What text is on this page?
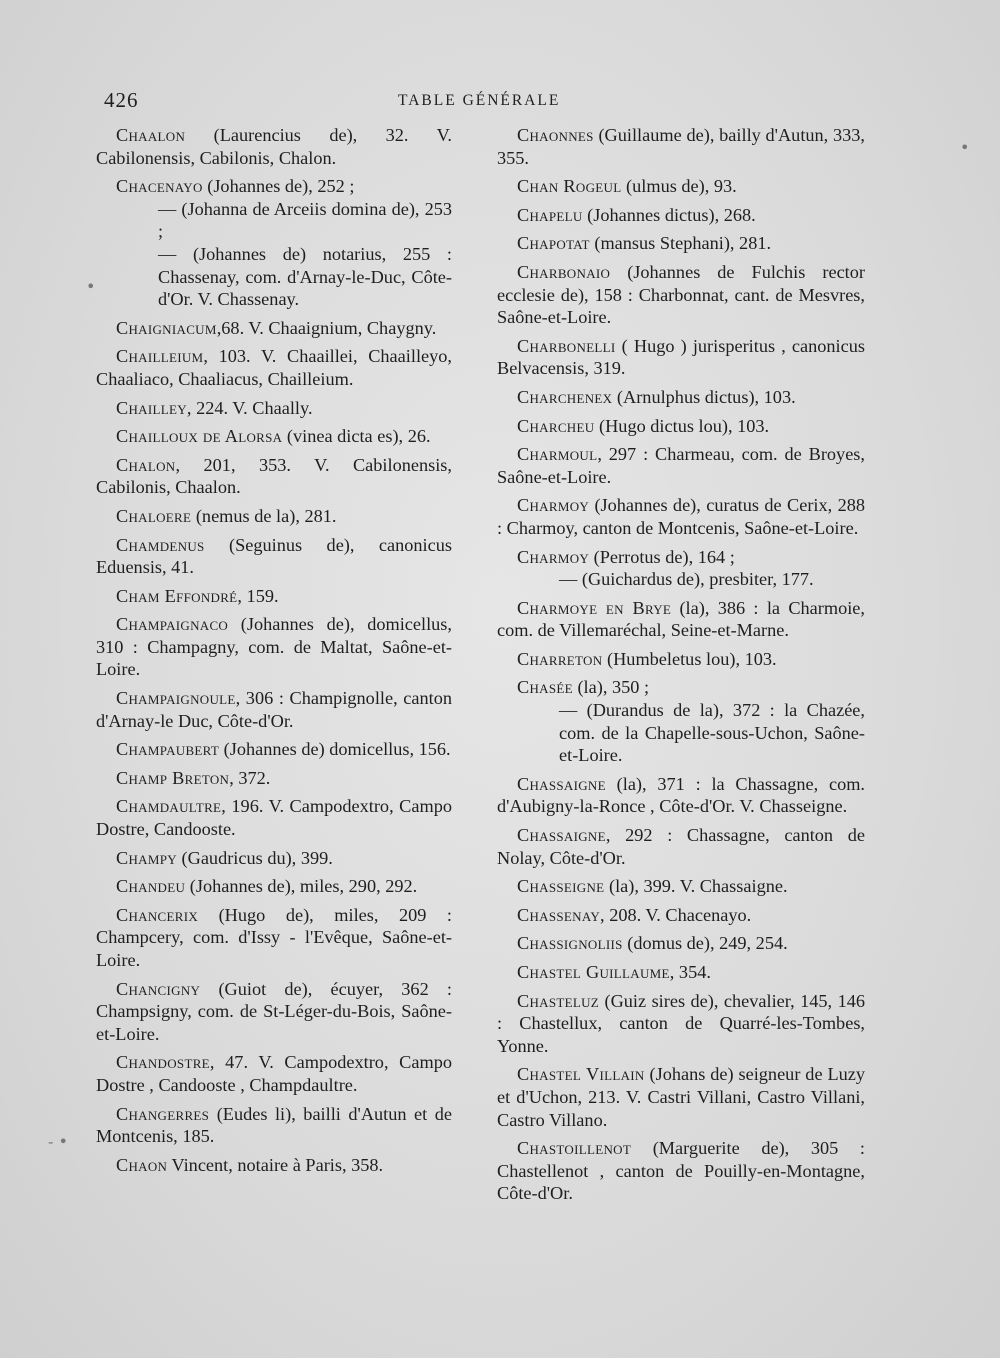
426	TABLE GÉNÉRALE

Chaalon (Laurencius de), 32. V. Cabilonensis, Cabilonis, Chalon.

Chacenayo (Johannes de), 252 ;
— (Johanna de Arceiis domina de), 253 ;
— (Johannes de) notarius, 255 : Chassenay, com. d'Arnay-le-Duc, Côte-d'Or. V. Chassenay.

Chaigniacum,68. V. Chaaignium, Chaygny.

Chailleium, 103. V. Chaaillei, Chaailleyo, Chaaliaco, Chaaliacus, Chailleium.

Chailley, 224. V. Chaally.

Chailloux de Alorsa (vinea dicta es), 26.

Chalon, 201, 353. V. Cabilonensis, Cabilonis, Chaalon.

Chaloere (nemus de la), 281.

Chamdenus (Seguinus de), canonicus Eduensis, 41.

Cham Effondré, 159.

Champaignaco (Johannes de), domicellus, 310 : Champagny, com. de Maltat, Saône-et-Loire.

Champaignoule, 306 : Champignolle, canton d'Arnay-le Duc, Côte-d'Or.

Champaubert (Johannes de) domicellus, 156.

Champ Breton, 372.

Chamdaultre, 196. V. Campodextro, Campo Dostre, Candooste.

Champy (Gaudricus du), 399.

Chandeu (Johannes de), miles, 290, 292.

Chancerix (Hugo de), miles, 209 : Champcery, com. d'Issy - l'Evêque, Saône-et-Loire.

Chancigny (Guiot de), écuyer, 362 : Champsigny, com. de St-Léger-du-Bois, Saône-et-Loire.

Chandostre, 47. V. Campodextro, Campo Dostre , Candooste , Champdaultre.

Changerres (Eudes li), bailli d'Autun et de Montcenis, 185.

Chaon Vincent, notaire à Paris, 358.

Chaonnes (Guillaume de), bailly d'Autun, 333, 355.

Chan Rogeul (ulmus de), 93.

Chapelu (Johannes dictus), 268.

Chapotat (mansus Stephani), 281.

Charbonaio (Johannes de Fulchis rector ecclesie de), 158 : Charbonnat, cant. de Mesvres, Saône-et-Loire.

Charbonelli ( Hugo ) jurisperitus , canonicus Belvacensis, 319.

Charchenex (Arnulphus dictus), 103.

Charcheu (Hugo dictus lou), 103.

Charmoul, 297 : Charmeau, com. de Broyes, Saône-et-Loire.

Charmoy (Johannes de), curatus de Cerix, 288 : Charmoy, canton de Montcenis, Saône-et-Loire.

Charmoy (Perrotus de), 164 ;
— (Guichardus de), presbiter, 177.

Charmoye en Brye (la), 386 : la Charmoie, com. de Villemaréchal, Seine-et-Marne.

Charreton (Humbeletus lou), 103.

Chasée (la), 350 ;
— (Durandus de la), 372 : la Chazée, com. de la Chapelle-sous-Uchon, Saône-et-Loire.

Chassaigne (la), 371 : la Chassagne, com. d'Aubigny-la-Ronce , Côte-d'Or. V. Chasseigne.

Chassaigne, 292 : Chassagne, canton de Nolay, Côte-d'Or.

Chasseigne (la), 399. V. Chassaigne.

Chassenay, 208. V. Chacenayo.

Chassignoliis (domus de), 249, 254.

Chastel Guillaume, 354.

Chasteluz (Guiz sires de), chevalier, 145, 146 : Chastellux, canton de Quarré-les-Tombes, Yonne.

Chastel Villain (Johans de) seigneur de Luzy et d'Uchon, 213. V. Castri Villani, Castro Villani, Castro Villano.

Chastoillenot (Marguerite de), 305 : Chastellenot , canton de Pouilly-en-Montagne, Côte-d'Or.

•
- •
•
